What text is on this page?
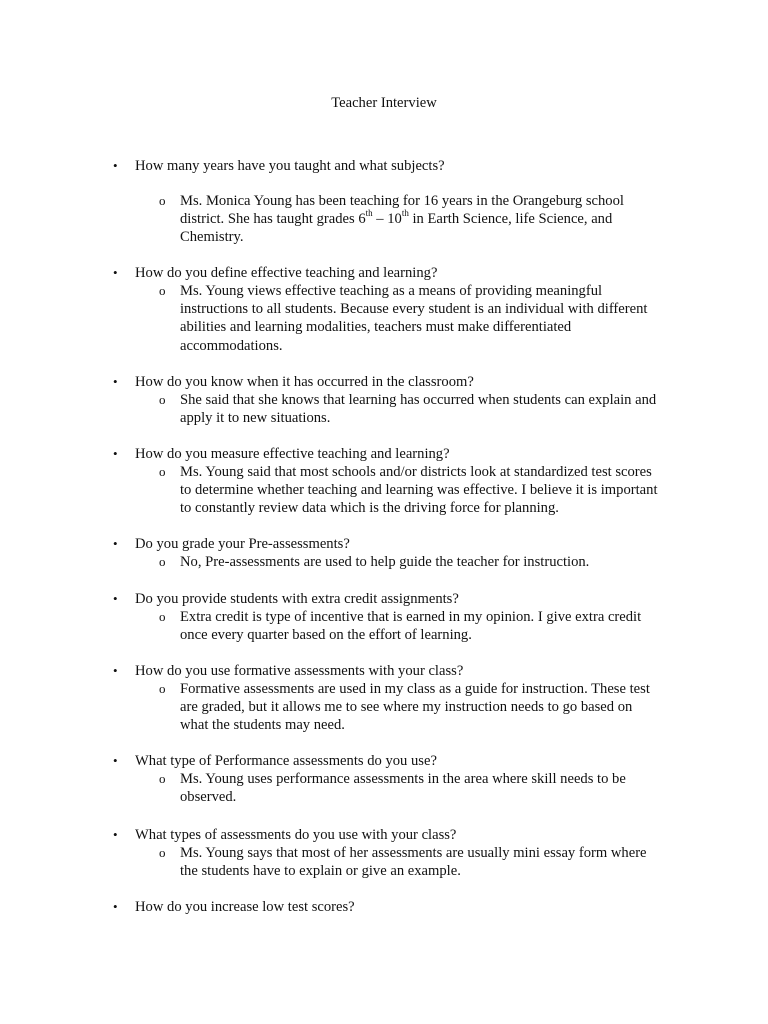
Teacher Interview
• How many years have you taught and what subjects?
o Ms. Monica Young has been teaching for 16 years in the Orangeburg school
district. She has taught grades 6th – 10th in Earth Science, life Science, and
Chemistry.
• How do you define effective teaching and learning?
o Ms. Young views effective teaching as a means of providing meaningful
instructions to all students. Because every student is an individual with different
abilities and learning modalities, teachers must make differentiated
accommodations.
• How do you know when it has occurred in the classroom?
o She said that she knows that learning has occurred when students can explain and
apply it to new situations.
• How do you measure effective teaching and learning?
o Ms. Young said that most schools and/or districts look at standardized test scores
to determine whether teaching and learning was effective. I believe it is important
to constantly review data which is the driving force for planning.
• Do you grade your Pre-assessments?
o No, Pre-assessments are used to help guide the teacher for instruction.
• Do you provide students with extra credit assignments?
o Extra credit is type of incentive that is earned in my opinion. I give extra credit
once every quarter based on the effort of learning.
• How do you use formative assessments with your class?
o Formative assessments are used in my class as a guide for instruction. These test
are graded, but it allows me to see where my instruction needs to go based on
what the students may need.
• What type of Performance assessments do you use?
o Ms. Young uses performance assessments in the area where skill needs to be
observed.
• What types of assessments do you use with your class?
o Ms. Young says that most of her assessments are usually mini essay form where
the students have to explain or give an example.
• How do you increase low test scores?
